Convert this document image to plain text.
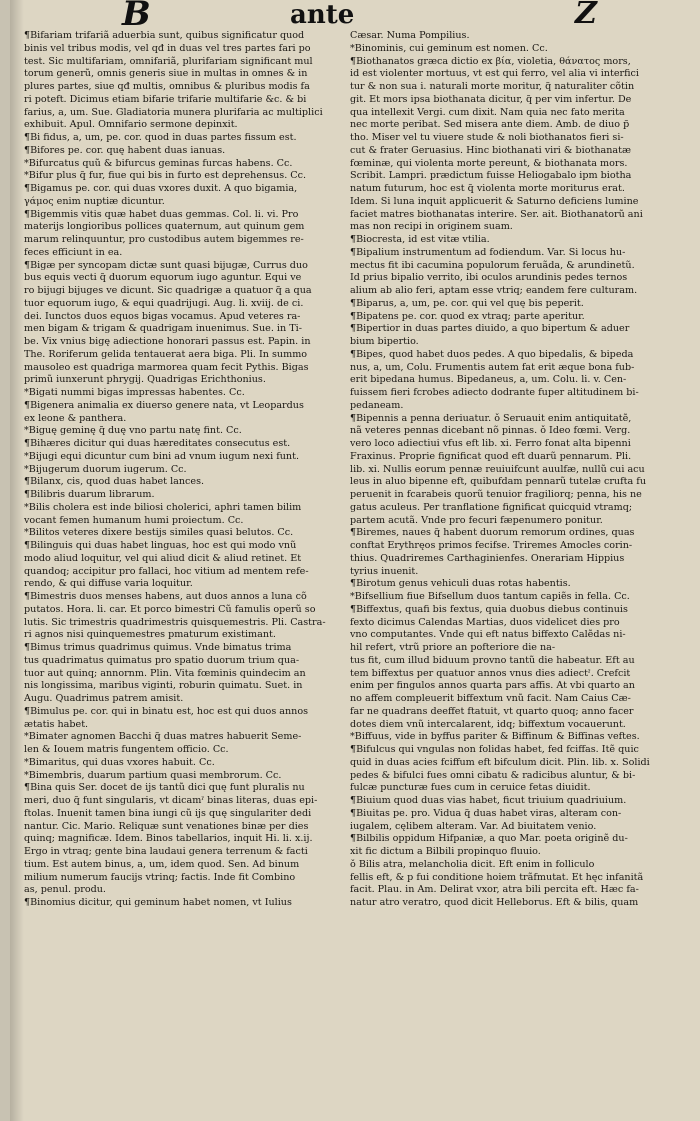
B	ante	Z
¶Bifariam trifariã aduerbia sunt, quibus significatur quod
binis vel tribus modis, vel qđ in duas vel tres partes fari po
test. Sic multifariam, omnifariã, plurifariam significant mul
torum generũ, omnis generis siue in multas in omnes & in
plures partes, siue qđ multis, omnibus & pluribus modis fa
ri poteft. Dicimus etiam bifarie trifarie multifarie &c. & bi
farius, a, um. Sue. Gladiatoria munera plurifaria ac multiplici
exhibuit. Apul. Omnifario sermone depinxit.
¶Bi fidus, a, um, pe. cor. quod in duas partes fissum est.
¶Bifores pe. cor. quę habent duas ianuas.
*Bifurcatus quũ & bifurcus geminas furcas habens. Cc.
*Bifur plus q̃ fur, fiue qui bis in furto est deprehensus. Cc.
¶Bigamus pe. cor. qui duas vxores duxit. A quo bigamia,
γάμος enim nuptiæ dicuntur.
¶Bigemmis vitis quæ habet duas gemmas. Col. li. vi. Pro
materijs longioribus pollices quaternum, aut quinum gem
marum relinquuntur, pro custodibus autem bigemmes re-
feces efficiunt in ea.
¶Bigæ per syncopam dictæ sunt quasi bijugæ, Currus duo
bus equis vecti q̃ duorum equorum iugo aguntur. Equi ve
ro bijugi bijuges ve dicunt. Sic quadrigæ a quatuor q̃ a qua
tuor equorum iugo, & equi quadrijugi. Aug. li. xviij. de ci.
dei. Iunctos duos equos bigas vocamus. Apud veteres ra-
men bigam & trigam & quadrigam inuenimus. Sue. in Ti-
be. Vix vnius bigę adiectione honorari passus est. Papin. in
The. Roriferum gelida tentauerat aera biga. Pli. In summo
mausoleo est quadriga marmorea quam fecit Pythis. Bigas
primũ iunxerunt phrygij. Quadrigas Erichthonius.
*Bigati nummi bigas impressas habentes. Cc.
¶Bigenera animalia ex diuerso genere nata, vt Leopardus
ex leone & panthera.
*Biguę geminę q̃ duę vno partu natę fint. Cc.
¶Bihæres dicitur qui duas hæreditates consecutus est.
*Bijugi equi dicuntur cum bini ad vnum iugum nexi funt.
*Bijugerum duorum iugerum. Cc.
¶Bilanx, cis, quod duas habet lances.
¶Bilibris duarum librarum.
*Bilis cholera est inde biliosi cholerici, aphri tamen bilim
vocant femen humanum humi proiectum. Cc.
*Bilitos veteres dixere bestijs similes quasi belutos. Cc.
¶Bilinguis qui duas habet linguas, hoc est qui modo vnũ
modo aliud loquitur, vel qui aliud dicit & aliud retinet. Et
quandoq; accipitur pro fallaci, hoc vitium ad mentem refe-
rendo, & qui diffuse varia loquitur.
¶Bimestris duos menses habens, aut duos annos a luna cõ
putatos. Hora. li. car. Et porco bimestri Cũ famulis operũ so
lutis. Sic trimestris quadrimestris quisquemestris. Pli. Castra-
ri agnos nisi quinquemestres pmaturum existimant.
¶Bimus trimus quadrimus quimus. Vnde bimatus trima
tus quadrimatus quimatus pro spatio duorum trium qua-
tuor aut quinq; annornm. Plin. Vita fœminis quindecim an
nis longissima, maribus viginti, roburin quimatu. Suet. in
Augu. Quadrimus patrem amisit.
¶Bimulus pe. cor. qui in binatu est, hoc est qui duos annos
ætatis habet.
*Bimater agnomen Bacchi q̃ duas matres habuerit Seme-
len & Iouem matris fungentem officio. Cc.
*Bimaritus, qui duas vxores habuit. Cc.
*Bimembris, duarum partium quasi membrorum. Cc.
¶Bina quis Ser. docet de ijs tantũ dici quę funt pluralis nu
meri, duo q̃ funt singularis, vt dicamˀ binas literas, duas epi-
ftolas. Inuenit tamen bina iungi cũ ijs quę singulariter dedi
nantur. Cic. Mario. Reliquæ sunt venationes binæ per dies
quinq; magnificæ. Idem. Binos tabellarios, inquit Hi. li. x.ij.
Ergo in vtraq; gente bina laudaui genera terrenum & facti
tium. Est autem binus, a, um, idem quod. Sen. Ad binum
milium numerum faucijs vtrinq; factis. Inde fit Combino
as, penul. produ.
¶Binomius dicitur, qui geminum habet nomen, vt Iulius
Cæsar. Numa Pompilius.
*Binominis, cui geminum est nomen. Cc.
¶Biothanatos græca dictio ex βία, violetia, θάνατος mors,
id est violenter mortuus, vt est qui ferro, vel alia vi interfici
tur & non sua i. naturali morte moritur, q̃ naturaliter cõtin
git. Et mors ipsa biothanata dicitur, q̃ per vim infertur. De
qua intellexit Vergi. cum dixit. Nam quia nec fato merita
nec morte peribat. Sed misera ante diem. Amb. de diuo p̃
tho. Miser vel tu viuere stude & noli biothanatos fieri si-
cut & frater Geruasius. Hinc biothanati viri & biothanatæ
fœminæ, qui violenta morte pereunt, & biothanata mors.
Scribit. Lampri. prædictum fuisse Heliogabalo ipm biotha
natum futurum, hoc est q̃ violenta morte moriturus erat.
Idem. Si luna inquit applicuerit & Saturno deficiens lumine
faciet matres biothanatas interire. Ser. ait. Biothanatorũ ani
mas non recipi in originem suam.
¶Biocresta, id est vitæ vtilia.
¶Bipalium instrumentum ad fodiendum. Var. Si locus hu-
mectus fit ibi cacumina populorum feruãda, & arundinetũ.
Id prius bipalio verrito, ibi oculos arundinis pedes ternos
alium ab alio feri, aptam esse vtriq; eandem fere culturam.
¶Biparus, a, um, pe. cor. qui vel quę bis peperit.
¶Bipatens pe. cor. quod ex vtraq; parte aperitur.
¶Bipertior in duas partes diuido, a quo bipertum & aduer
bium bipertio.
¶Bipes, quod habet duos pedes. A quo bipedalis, & bipeda
nus, a, um, Colu. Frumentis autem fat erit æque bona fub-
erit bipedana humus. Bipedaneus, a, um. Colu. li. v. Cen-
fuissem fieri fcrobes adiecto dodrante fuper altitudinem bi-
pedaneam.
¶Bipennis a penna deriuatur. ǒ Seruauit enim antiquitatẽ,
nã veteres pennas dicebant nõ pinnas. ǒ Ideo fœmi. Verg.
vero loco adiectiui vfus eft lib. xi. Ferro fonat alta bipenni
Fraxinus. Proprie fignificat quod eft duarũ pennarum. Pli.
lib. xi. Nullis eorum pennæ reuiuifcunt auulfæ, nullũ cui acu
leus in aluo bipenne eft, quibufdam pennarũ tutelæ crufta fu
peruenit in fcarabeis quorũ tenuior fragiliorq; penna, his ne
gatus aculeus. Per tranflatione fignificat quicquid vtramq;
partem acutã. Vnde pro fecuri fæpenumero ponitur.
¶Biremes, naues q̃ habent duorum remorum ordines, quas
conftat Erythręos primos fecifse. Triremes Amocles corin-
thius. Quadriremes Carthaginienfes. Onerariam Hippius
tyrius inuenit.
¶Birotum genus vehiculi duas rotas habentis.
*Bifsellium fiue Bifsellum duos tantum capiẽs in fella. Cc.
¶Biffextus, quafi bis fextus, quia duobus diebus continuis
fexto dicimus Calendas Martias, duos videlicet dies pro
vno computantes. Vnde qui eft natus biffexto Calẽdas ni-
hil refert, vtrũ priore an pofteriore die na-
tus fit, cum illud biduum provno tantũ die habeatur. Eft au
tem biffextus per quatuor annos vnus dies adiectˀ. Crefcit
enim per fingulos annos quarta pars affis. At vbi quarto an
no affem compleuerit biffextum vnũ facit. Nam Caius Cæ-
far ne quadrans deeffet ftatuit, vt quarto quoq; anno facer
dotes diem vnũ intercalarent, idq; biffextum vocauerunt.
*Biffuus, vide in byffus pariter & Biffinum & Biffinas veftes.
¶Bifulcus qui vngulas non folidas habet, fed fciffas. Itẽ quic
quid in duas acies fciffum eft bifculum dicit. Plin. lib. x. Solidi
pedes & bifulci fues omni cibatu & radicibus aluntur, & bi-
fulcæ puncturæ fues cum in ceruice fetas diuidit.
¶Biuium quod duas vias habet, ficut triuium quadriuium.
¶Biuitas pe. pro. Vidua q̃ duas habet viras, alteram con-
iugalem, cęlibem alteram. Var. Ad biuitatem venio.
¶Bilbilis oppidum Hifpaniæ, a quo Mar. poeta originẽ du-
xit fic dictum a Bilbili propinquo fluuio.
ǒ Bilis atra, melancholia dicit. Eft enim in folliculo
fellis eft, & p fui conditione hoiem trãfmutat. Et hęc infanitã
facit. Plau. in Am. Delirat vxor, atra bili percita eft. Hæc fa-
natur atro veratro, quod dicit Helleborus. Eft & bilis, quam
